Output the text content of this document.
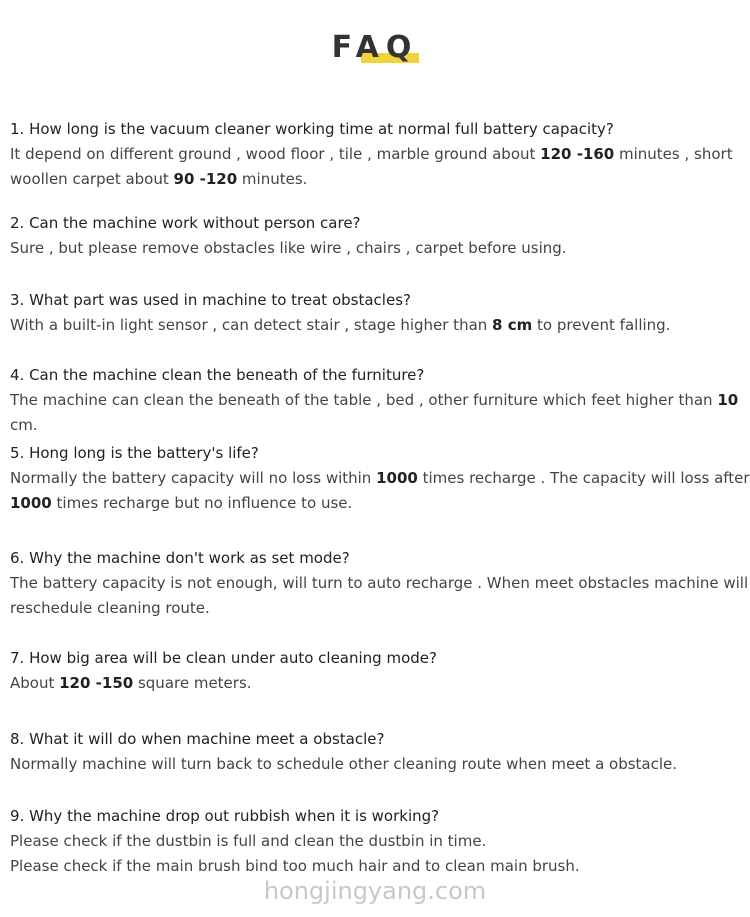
FAQ
1. How long is the vacuum cleaner working time at normal full battery capacity?
It depend on different ground , wood floor , tile , marble ground about 120 -160 minutes , short woollen carpet about 90 -120 minutes.
2. Can the machine work without person care?
Sure , but please remove obstacles like wire , chairs , carpet before using.
3. What part was used in machine to treat obstacles?
With a built-in light sensor , can detect stair , stage higher than 8 cm to prevent falling.
4. Can the machine clean the beneath of the furniture?
The machine can clean the beneath of the table , bed , other furniture which feet higher than 10 cm.
5. Hong long is the battery's life?
Normally the battery capacity will no loss within 1000 times recharge . The capacity will loss after 1000 times recharge but no influence to use.
6. Why the machine don't work as set mode?
The battery capacity is not enough, will turn to auto recharge . When meet obstacles machine will reschedule cleaning route.
7. How big area will be clean under auto cleaning mode?
About 120 -150 square meters.
8. What it will do when machine meet a obstacle?
Normally machine will turn back to schedule other cleaning route when meet a obstacle.
9. Why the machine drop out rubbish when it is working?
Please check if the dustbin is full and clean the dustbin in time.
Please check if the main brush bind too much hair and to clean main brush.
hongjingyang.com
